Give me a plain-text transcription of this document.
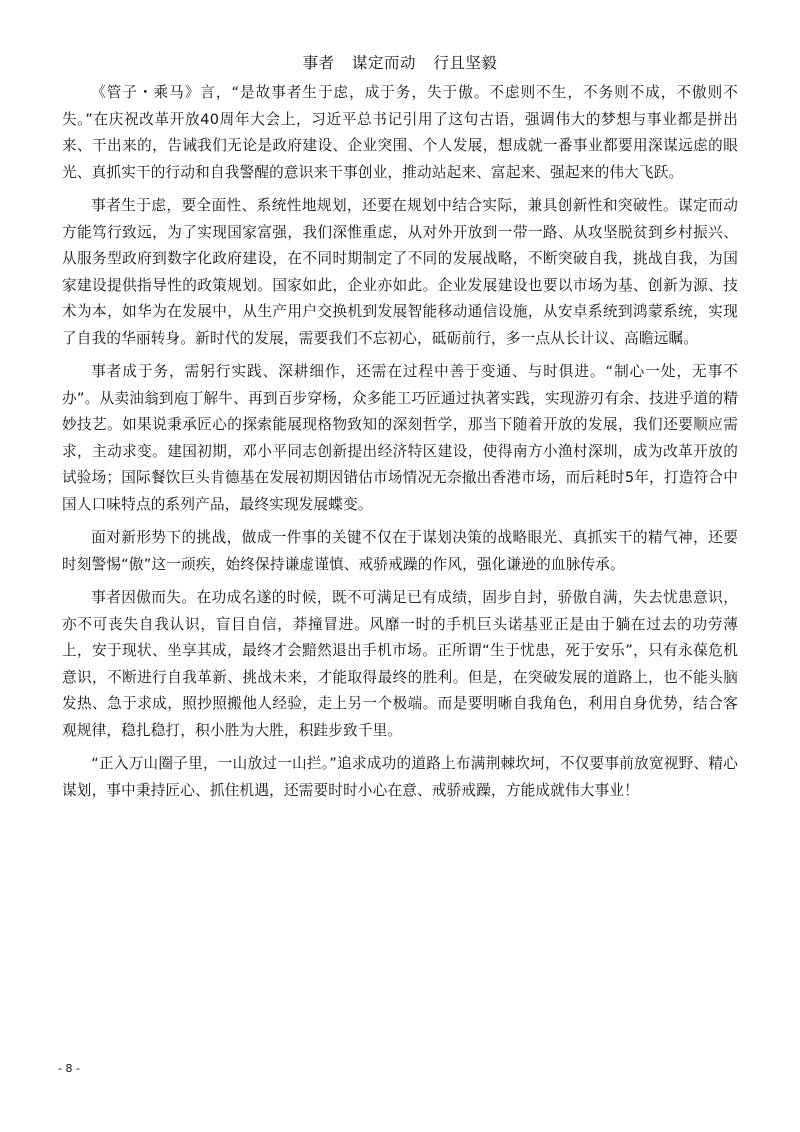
事者 谋定而动 行且坚毅

《管子・乘马》言，“是故事者生于虑，成于务，失于傲。不虑则不生，不务则不成，不傲则不失。”在庆祝改革开放40周年大会上，习近平总书记引用了这句古语，强调伟大的梦想与事业都是拼出来、干出来的，告诫我们无论是政府建设、企业突围、个人发展，想成就一番事业都要用深谋远虑的眼光、真抓实干的行动和自我警醒的意识来干事创业，推动站起来、富起来、强起来的伟大飞跃。

事者生于虑，要全面性、系统性地规划，还要在规划中结合实际，兼具创新性和突破性。谋定而动方能笃行致远，为了实现国家富强，我们深惟重虑，从对外开放到一带一路、从攻坚脱贫到乡村振兴、从服务型政府到数字化政府建设，在不同时期制定了不同的发展战略，不断突破自我，挑战自我，为国家建设提供指导性的政策规划。国家如此，企业亦如此。企业发展建设也要以市场为基、创新为源、技术为本，如华为在发展中，从生产用户交换机到发展智能移动通信设施，从安卓系统到鸿蒙系统，实现了自我的华丽转身。新时代的发展，需要我们不忘初心，砥砺前行，多一点从长计议、高瞻远瞩。

事者成于务，需躬行实践、深耕细作，还需在过程中善于变通、与时俱进。“制心一处，无事不办”。从卖油翁到庖丁解牛、再到百步穿杨，众多能工巧匠通过执著实践，实现游刃有余、技进乎道的精妙技艺。如果说秉承匠心的探索能展现格物致知的深刻哲学，那当下随着开放的发展，我们还要顺应需求，主动求变。建国初期，邓小平同志创新提出经济特区建设，使得南方小渔村深圳，成为改革开放的试验场；国际餐饮巨头肯德基在发展初期因错估市场情况无奈撤出香港市场，而后耗时5年，打造符合中国人口味特点的系列产品，最终实现发展蝶变。

面对新形势下的挑战，做成一件事的关键不仅在于谋划决策的战略眼光、真抓实干的精气神，还要时刻警惕“傲”这一顽疾，始终保持谦虚谨慎、戒骄戒躁的作风，强化谦逊的血脉传承。

事者因傲而失。在功成名遂的时候，既不可满足已有成绩，固步自封，骄傲自满，失去忧患意识，亦不可丧失自我认识，盲目自信，莽撞冒进。风靡一时的手机巨头诺基亚正是由于躺在过去的功劳薄上，安于现状、坐享其成，最终才会黯然退出手机市场。正所谓“生于忧患，死于安乐”，只有永葆危机意识，不断进行自我革新、挑战未来，才能取得最终的胜利。但是，在突破发展的道路上，也不能头脑发热、急于求成，照抄照搬他人经验，走上另一个极端。而是要明晰自我角色，利用自身优势，结合客观规律，稳扎稳打，积小胜为大胜，积跬步致千里。

“正入万山圈子里，一山放过一山拦。”追求成功的道路上布满荆棘坎坷，不仅要事前放宽视野、精心谋划，事中秉持匠心、抓住机遇，还需要时时小心在意、戒骄戒躁，方能成就伟大事业！

- 8 -
